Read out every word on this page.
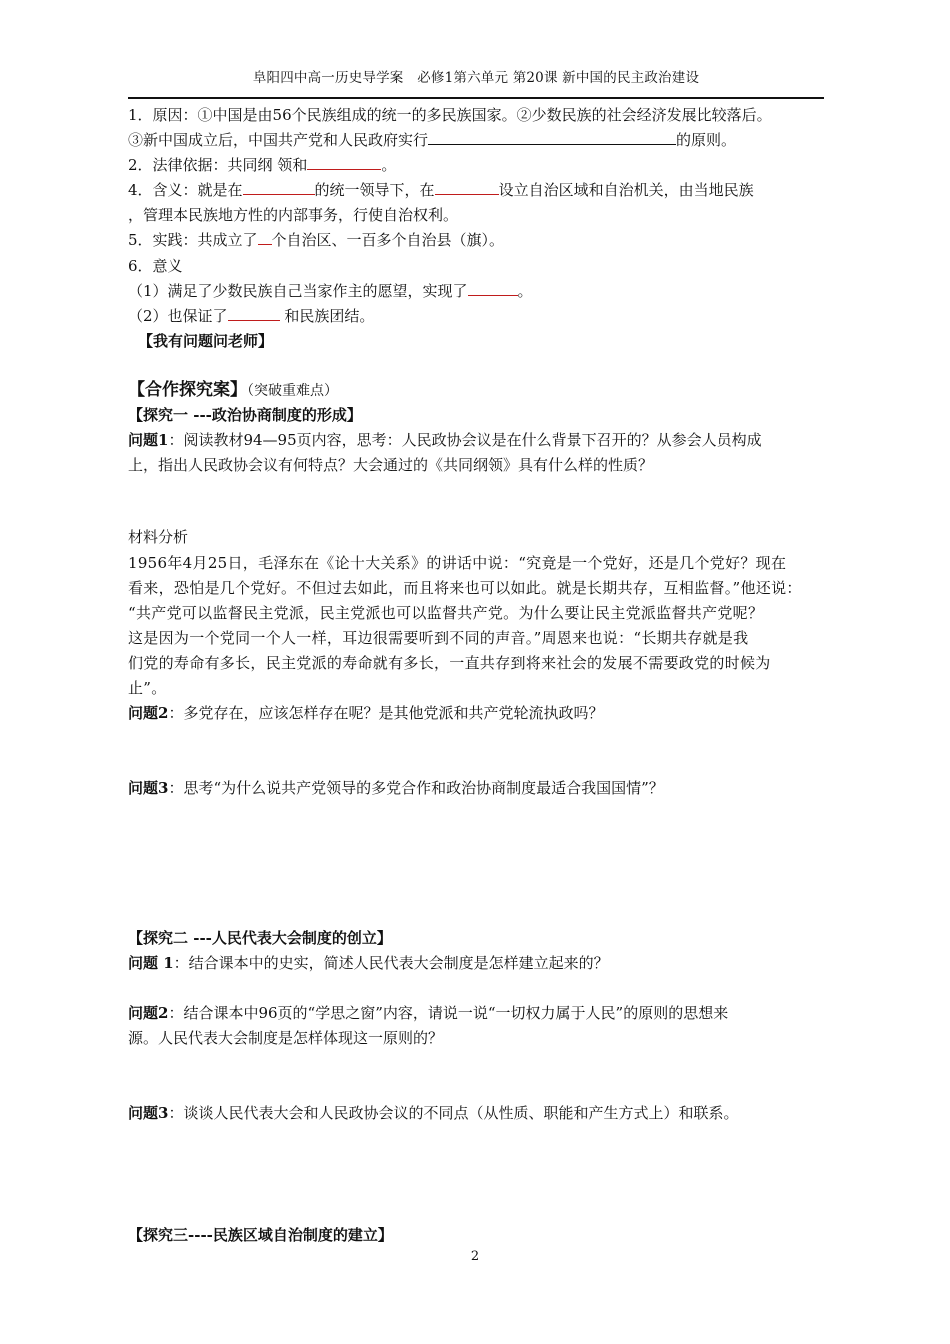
阜阳四中高一历史导学案　必修1第六单元 第20课 新中国的民主政治建设
1．原因：①中国是由56个民族组成的统一的多民族国家。②少数民族的社会经济发展比较落后。
③新中国成立后，中国共产党和人民政府实行	的原则。
2．法律依据：共同纲 领和	。
4．含义：就是在	的统一领导下，在	设立自治区域和自治机关，由当地民族
，管理本民族地方性的内部事务，行使自治权利。
5．实践：共成立了 个自治区、一百多个自治县（旗）。
6．意义
（1）满足了少数民族自己当家作主的愿望，实现了	。
（2）也保证了	和民族团结。
【我有问题问老师】
【合作探究案】（突破重难点）
【探究一 ---政治协商制度的形成】
问题1：阅读教材94—95页内容，思考：人民政协会议是在什么背景下召开的？从参会人员构成
上，指出人民政协会议有何特点？大会通过的《共同纲领》具有什么样的性质？
材料分析
1956年4月25日，毛泽东在《论十大关系》的讲话中说：“究竟是一个党好，还是几个党好？现在
看来，恐怕是几个党好。不但过去如此，而且将来也可以如此。就是长期共存，互相监督。”他还说：
“共产党可以监督民主党派，民主党派也可以监督共产党。为什么要让民主党派监督共产党呢？
这是因为一个党同一个人一样，耳边很需要听到不同的声音。”周恩来也说：“长期共存就是我
们党的寿命有多长，民主党派的寿命就有多长，一直共存到将来社会的发展不需要政党的时候为
止”。
问题2：多党存在，应该怎样存在呢？是其他党派和共产党轮流执政吗？
问题3：思考“为什么说共产党领导的多党合作和政治协商制度最适合我国国情”？
【探究二 ---人民代表大会制度的创立】
问题 1：结合课本中的史实，简述人民代表大会制度是怎样建立起来的？
问题2：结合课本中96页的“学思之窗”内容，请说一说“一切权力属于人民”的原则的思想来
源。人民代表大会制度是怎样体现这一原则的？
问题3：谈谈人民代表大会和人民政协会议的不同点（从性质、职能和产生方式上）和联系。
【探究三----民族区域自治制度的建立】
2
